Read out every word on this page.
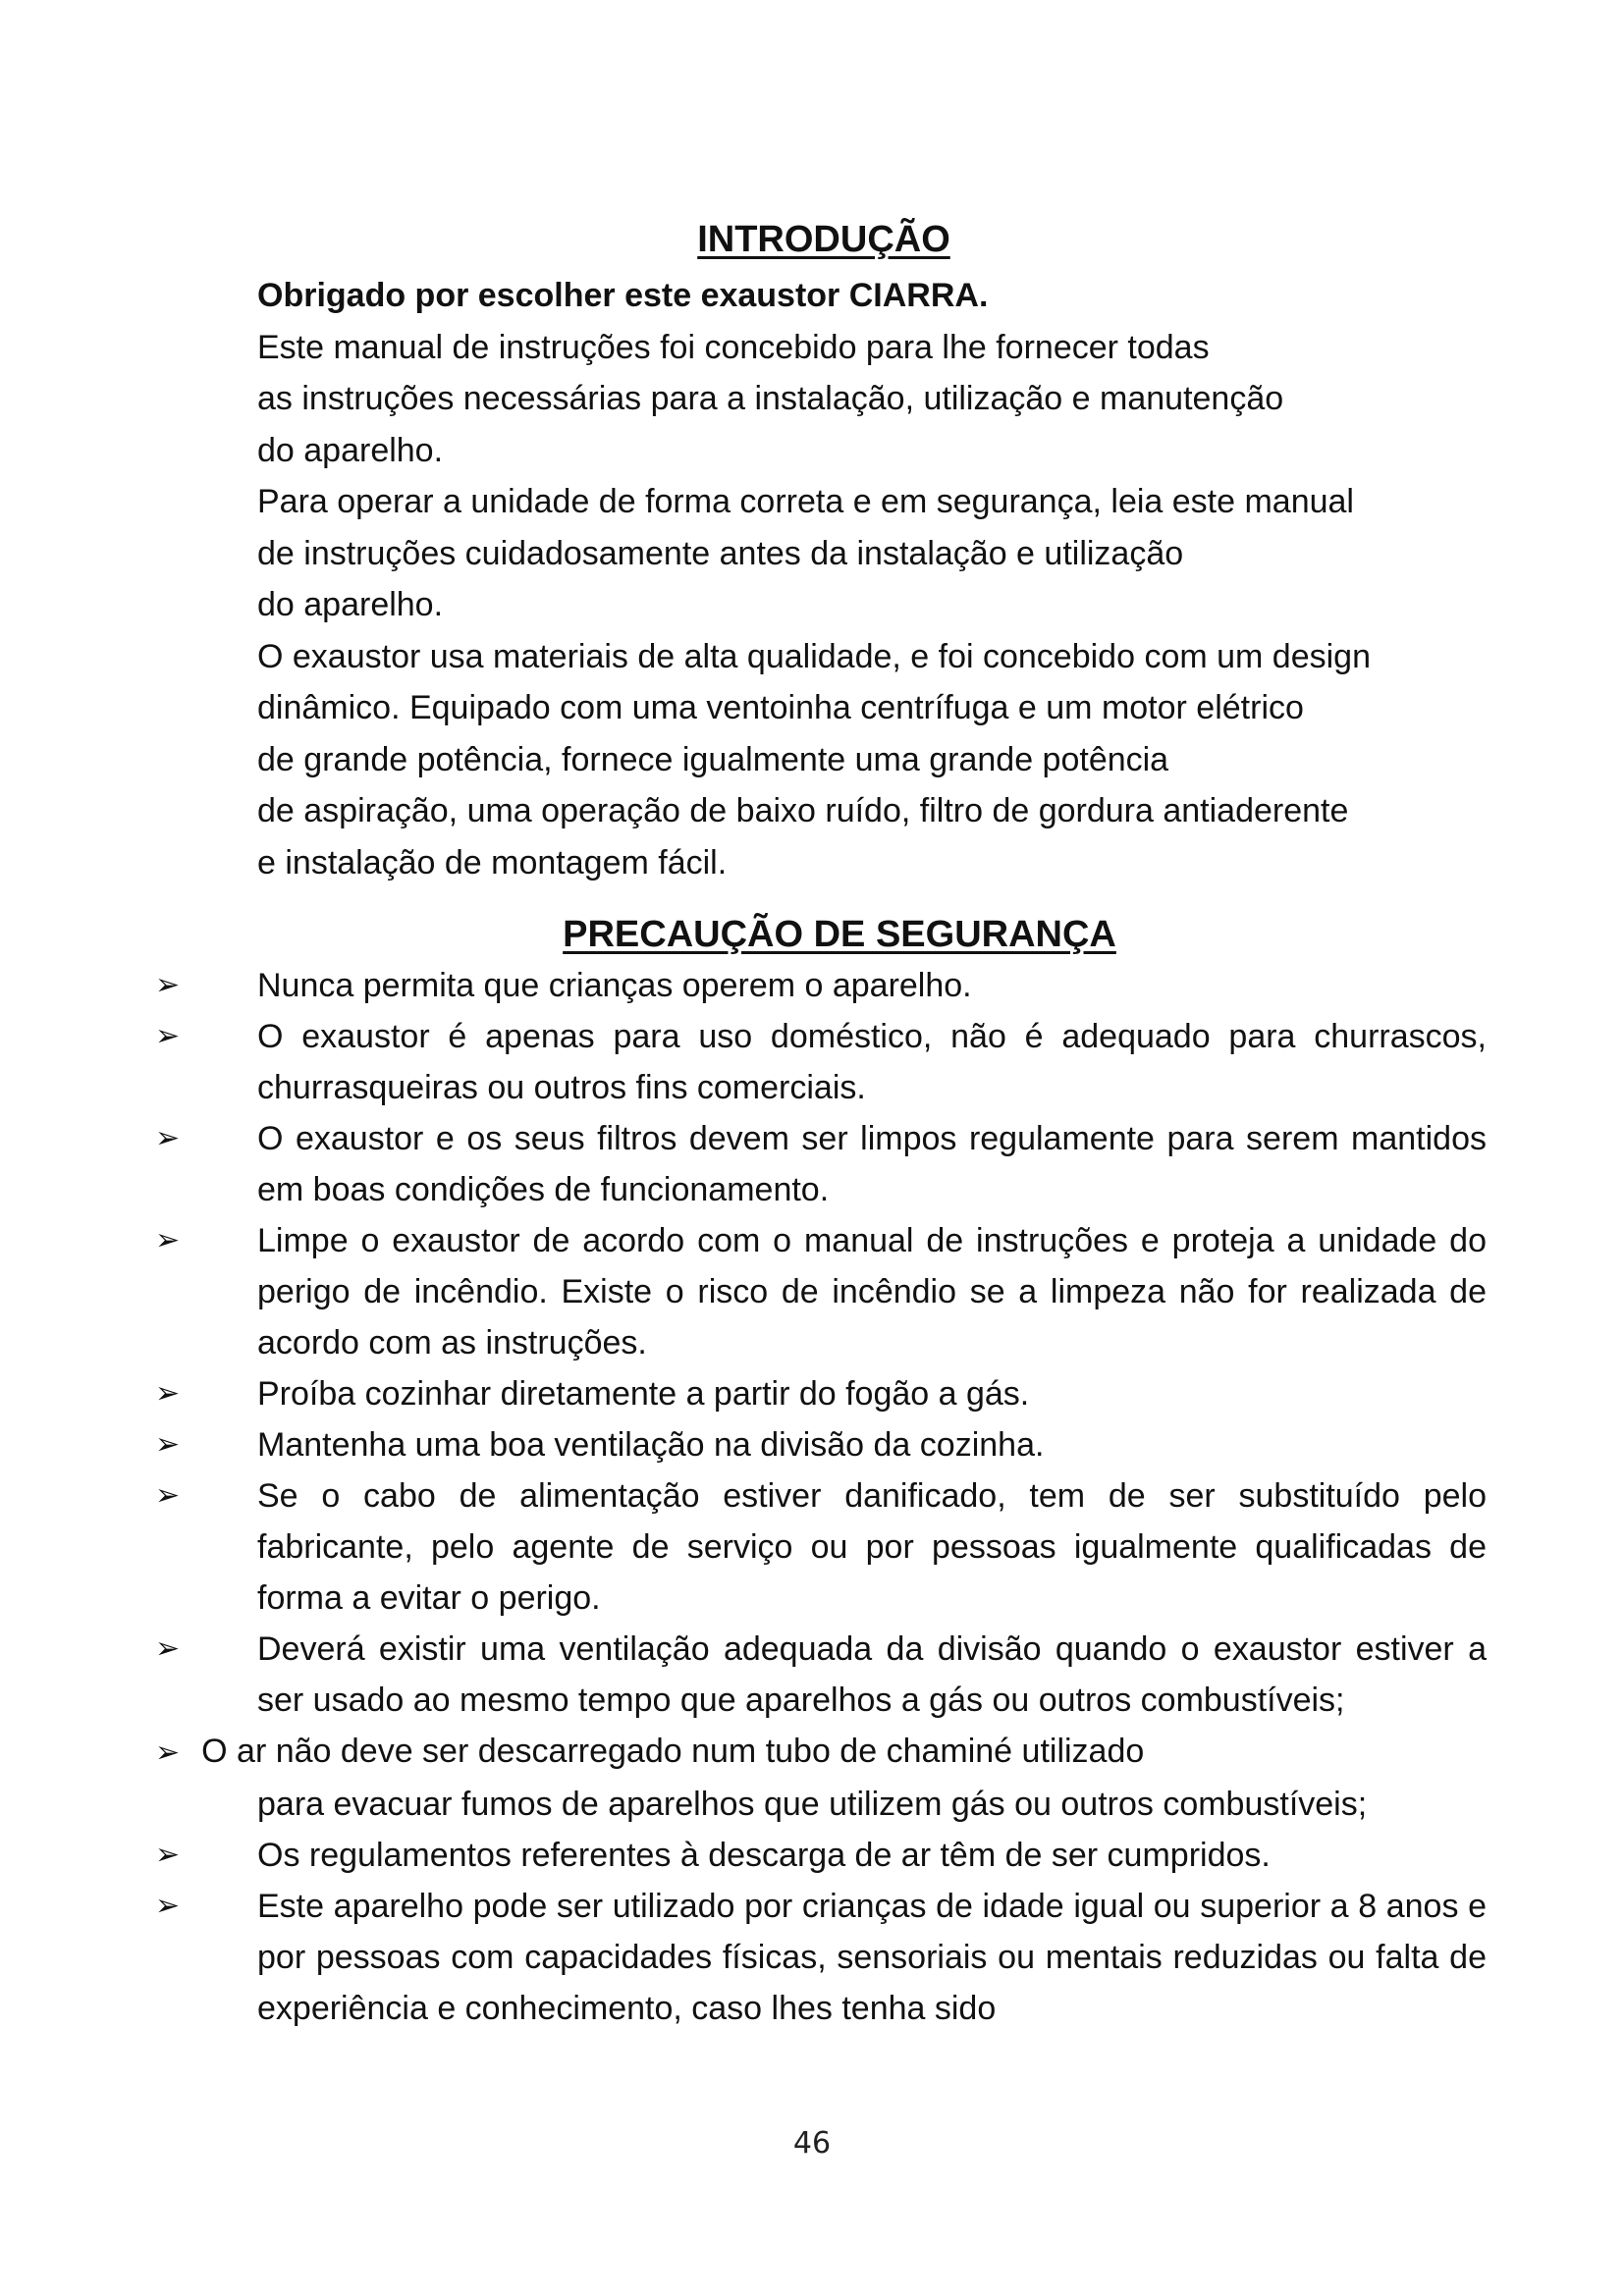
INTRODUÇÃO

Obrigado por escolher este exaustor CIARRA.

Este manual de instruções foi concebido para lhe fornecer todas
as instruções necessárias para a instalação, utilização e manutenção
do aparelho.

Para operar a unidade de forma correta e em segurança, leia este manual
de instruções cuidadosamente antes da instalação e utilização
do aparelho.

O exaustor usa materiais de alta qualidade, e foi concebido com um design
dinâmico. Equipado com uma ventoinha centrífuga e um motor elétrico
de grande potência, fornece igualmente uma grande potência
de aspiração, uma operação de baixo ruído, filtro de gordura antiaderente
e instalação de montagem fácil.

PRECAUÇÃO DE SEGURANÇA
➢ Nunca permita que crianças operem o aparelho.
➢ O exaustor é apenas para uso doméstico, não é adequado para churrascos, churrasqueiras ou outros fins comerciais.
➢ O exaustor e os seus filtros devem ser limpos regulamente para serem mantidos em boas condições de funcionamento.
➢ Limpe o exaustor de acordo com o manual de instruções e proteja a unidade do perigo de incêndio. Existe o risco de incêndio se a limpeza não for realizada de acordo com as instruções.
➢ Proíba cozinhar diretamente a partir do fogão a gás.
➢ Mantenha uma boa ventilação na divisão da cozinha.
➢ Se o cabo de alimentação estiver danificado, tem de ser substituído pelo fabricante, pelo agente de serviço ou por pessoas igualmente qualificadas de forma a evitar o perigo.
➢ Deverá existir uma ventilação adequada da divisão quando o exaustor estiver a ser usado ao mesmo tempo que aparelhos a gás ou outros combustíveis;
➢ O ar não deve ser descarregado num tubo de chaminé utilizado
para evacuar fumos de aparelhos que utilizem gás ou outros combustíveis;
➢ Os regulamentos referentes à descarga de ar têm de ser cumpridos.
➢ Este aparelho pode ser utilizado por crianças de idade igual ou superior a 8 anos e por pessoas com capacidades físicas, sensoriais ou mentais reduzidas ou falta de experiência e conhecimento, caso lhes tenha sido
46
